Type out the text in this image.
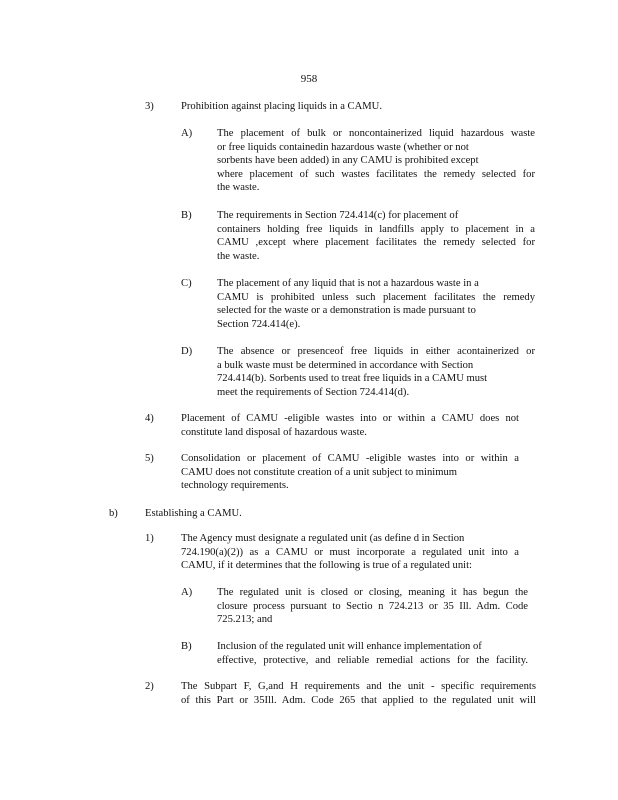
958
3)	Prohibition against placing liquids in a CAMU.
A) The placement of bulk or noncontainerized liquid hazardous waste
or free liquids containedin hazardous waste (whether or not
sorbents have been added) in any CAMU is prohibited except
where placement of such wastes facilitates the remedy selected for
the waste.
B) The requirements in Section 724.414(c) for placement of
containers holding free liquids in landfills apply to placement in a
CAMU ,except where placement facilitates the remedy selected for
the waste.
C) The placement of any liquid that is not a hazardous waste in a
CAMU is prohibited unless such placement facilitates the remedy
selected for the waste or a demonstration is made pursuant to
Section 724.414(e).
D) The absence or presenceof free liquids in either acontainerized or
a bulk waste must be determined in accordance with Section
724.414(b). Sorbents used to treat free liquids in a CAMU must
meet the requirements of Section 724.414(d).
4)	Placement of CAMU -eligible wastes into or within a CAMU does not
constitute land disposal of hazardous waste.
5)	Consolidation or placement of CAMU -eligible wastes into or within a
CAMU does not constitute creation of a unit subject to minimum
technology requirements.
b)	Establishing a CAMU.
1)	The Agency must designate a regulated unit (as define d in Section
724.190(a)(2)) as a CAMU or must incorporate a regulated unit into a
CAMU, if it determines that the following is true of a regulated unit:
A) The regulated unit is closed or closing, meaning it has begun the
closure process pursuant to Sectio n 724.213 or 35 Ill. Adm. Code
725.213; and
B) Inclusion of the regulated unit will enhance implementation of
effective, protective, and reliable remedial actions for the facility.
2)	The Subpart F, G,and H requirements and the unit - specific requirements
of this Part or 35Ill. Adm. Code 265 that applied to the regulated unit will
